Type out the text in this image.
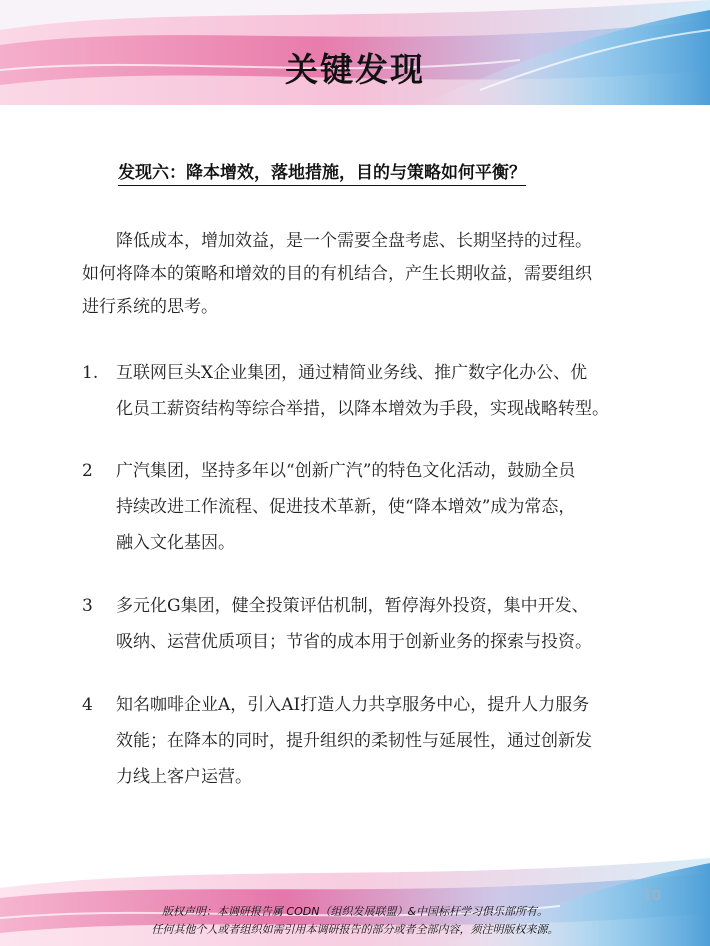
关键发现
发现六：降本增效，落地措施，目的与策略如何平衡？

降低成本，增加效益，是一个需要全盘考虑、长期坚持的过程。

如何将降本的策略和增效的目的有机结合，产生长期收益，需要组织

进行系统的思考。

1.	互联网巨头X企业集团，通过精简业务线、推广数字化办公、优
化员工薪资结构等综合举措，以降本增效为手段，实现战略转型。
2	广汽集团，坚持多年以“创新广汽”的特色文化活动，鼓励全员
持续改进工作流程、促进技术革新，使“降本增效”成为常态，
融入文化基因。
3	多元化G集团，健全投策评估机制，暂停海外投资，集中开发、
吸纳、运营优质项目；节省的成本用于创新业务的探索与投资。
4	知名咖啡企业A，引入AI打造人力共享服务中心，提升人力服务
效能；在降本的同时，提升组织的柔韧性与延展性，通过创新发
力线上客户运营。
10
版权声明：本调研报告属 CODN（组织发展联盟）&中国标杆学习俱乐部所有。
任何其他个人或者组织如需引用本调研报告的部分或者全部内容，须注明版权来源。
